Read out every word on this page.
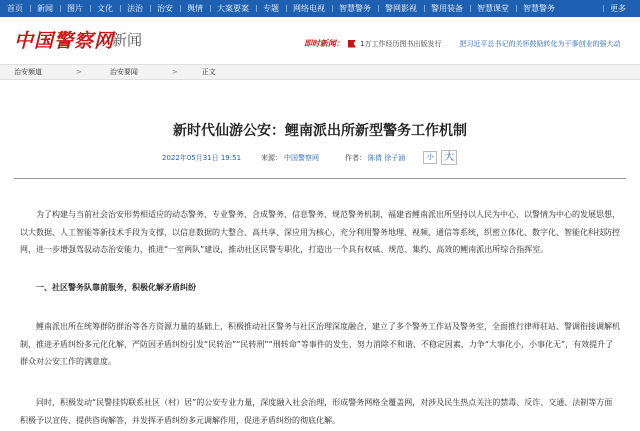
首页	新闻	图片	文化	法治	治安	舆情	大案要案	专题	网络电视	智慧警务	警网影视	警用装备	智慧课堂	智慧警务	更多
中国警察网
新闻	即时新闻： 1万工作经历图书出版发行	把习近平总书记的关怀鼓励转化为干事创业的强大动
治安频道	>	治安要闻	>	正文
新时代仙游公安：鲤南派出所新型警务工作机制
2022年05月31日 19:51	来源： 中国警察网	作者： 陈倩 徐子涵	小	大

为了构建与当前社会治安形势相适应的动态警务、专业警务、合成警务、信息警务、规范警务机制，福建省鲤南派出所坚持以人民为中心、以警情为中心的发展思想，以大数据、人工智能等新技术手段为支撑，以信息数据的大整合、高共享、深应用为核心，充分利用警务地理、视频、通信等系统，织密立体化、数字化、智能化科技防控网，进一步增强驾驭动态治安能力，推进“一室两队”建设，推动社区民警专职化，打造出一个具有权威、规范、集约、高效的鲤南派出所综合指挥室。

一、社区警务队靠前服务，积极化解矛盾纠纷

鲤南派出所在统筹群防群治等各方资源力量的基础上，积极推动社区警务与社区治理深度融合，建立了多个警务工作站及警务室，全面推行律师驻站、警调衔接调解机制，推进矛盾纠纷多元化化解，严防因矛盾纠纷引发“民转治”“民转刑”“刑转命”等事件的发生，努力消除不和谐、不稳定因素，力争“大事化小，小事化无”，有效提升了群众对公安工作的满意度。

同时，积极发动“民警挂钩联系社区（村）居”的公安专业力量，深度融入社会治理，形成警务网格全覆盖网，对涉及民生热点关注的禁毒、反诈、交通、法制等方面积极予以宣传、提供咨询解答，并发挥矛盾纠纷多元调解作用，促进矛盾纠纷的彻底化解。
